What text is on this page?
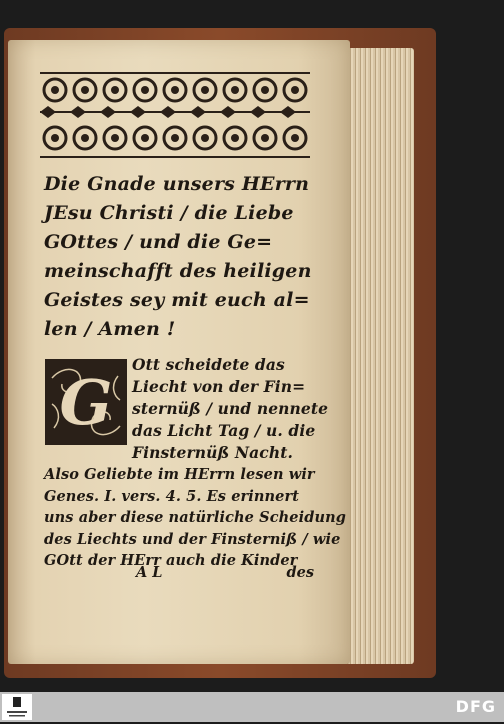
Die Gnade unsers HErrn
JEsu Christi / die Liebe
GOttes / und die Ge=
meinschafft des heiligen
Geistes sey mit euch al=
len / Amen !
G
Ott scheidete das
Liecht von der Fin=
sternüß / und nennete
das Licht Tag / u. die
Finsternüß Nacht.
Also Geliebte im HErrn lesen wir
Genes. I. vers. 4. 5. Es erinnert
uns aber diese natürliche Scheidung
des Liechts und der Finsterniß / wie
GOtt der HErr auch die Kinder
A L	des
DFG
